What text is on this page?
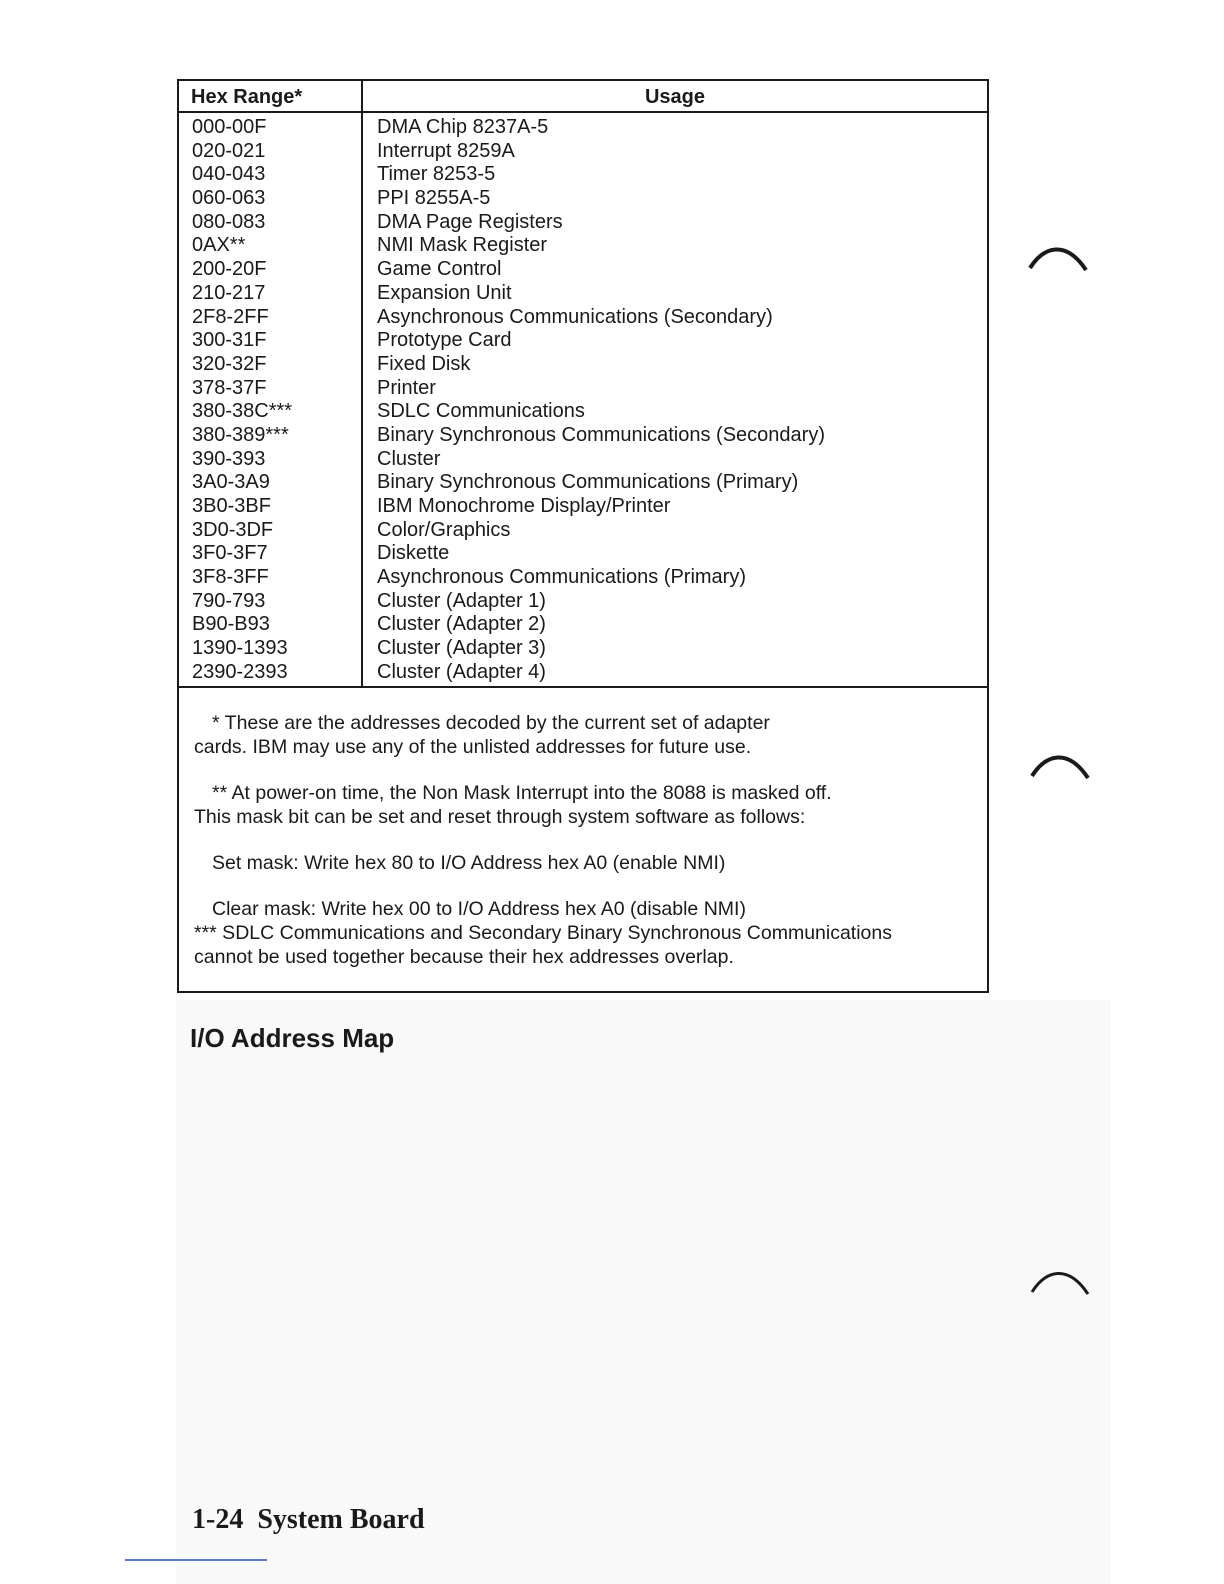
Hex Range*	Usage
000-00F	DMA Chip 8237A-5
020-021	Interrupt 8259A
040-043	Timer 8253-5
060-063	PPI 8255A-5
080-083	DMA Page Registers
0AX**	NMI Mask Register
200-20F	Game Control
210-217	Expansion Unit
2F8-2FF	Asynchronous Communications (Secondary)
300-31F	Prototype Card
320-32F	Fixed Disk
378-37F	Printer
380-38C***	SDLC Communications
380-389***	Binary Synchronous Communications (Secondary)
390-393	Cluster
3A0-3A9	Binary Synchronous Communications (Primary)
3B0-3BF	IBM Monochrome Display/Printer
3D0-3DF	Color/Graphics
3F0-3F7	Diskette
3F8-3FF	Asynchronous Communications (Primary)
790-793	Cluster (Adapter 1)
B90-B93	Cluster (Adapter 2)
1390-1393	Cluster (Adapter 3)
2390-2393	Cluster (Adapter 4)

* These are the addresses decoded by the current set of adapter

cards. IBM may use any of the unlisted addresses for future use.

** At power-on time, the Non Mask Interrupt into the 8088 is masked off.

This mask bit can be set and reset through system software as follows:

Set mask: Write hex 80 to I/O Address hex A0 (enable NMI)

Clear mask: Write hex 00 to I/O Address hex A0 (disable NMI)

*** SDLC Communications and Secondary Binary Synchronous Communications

cannot be used together because their hex addresses overlap.

I/O Address Map
1-24 System Board
